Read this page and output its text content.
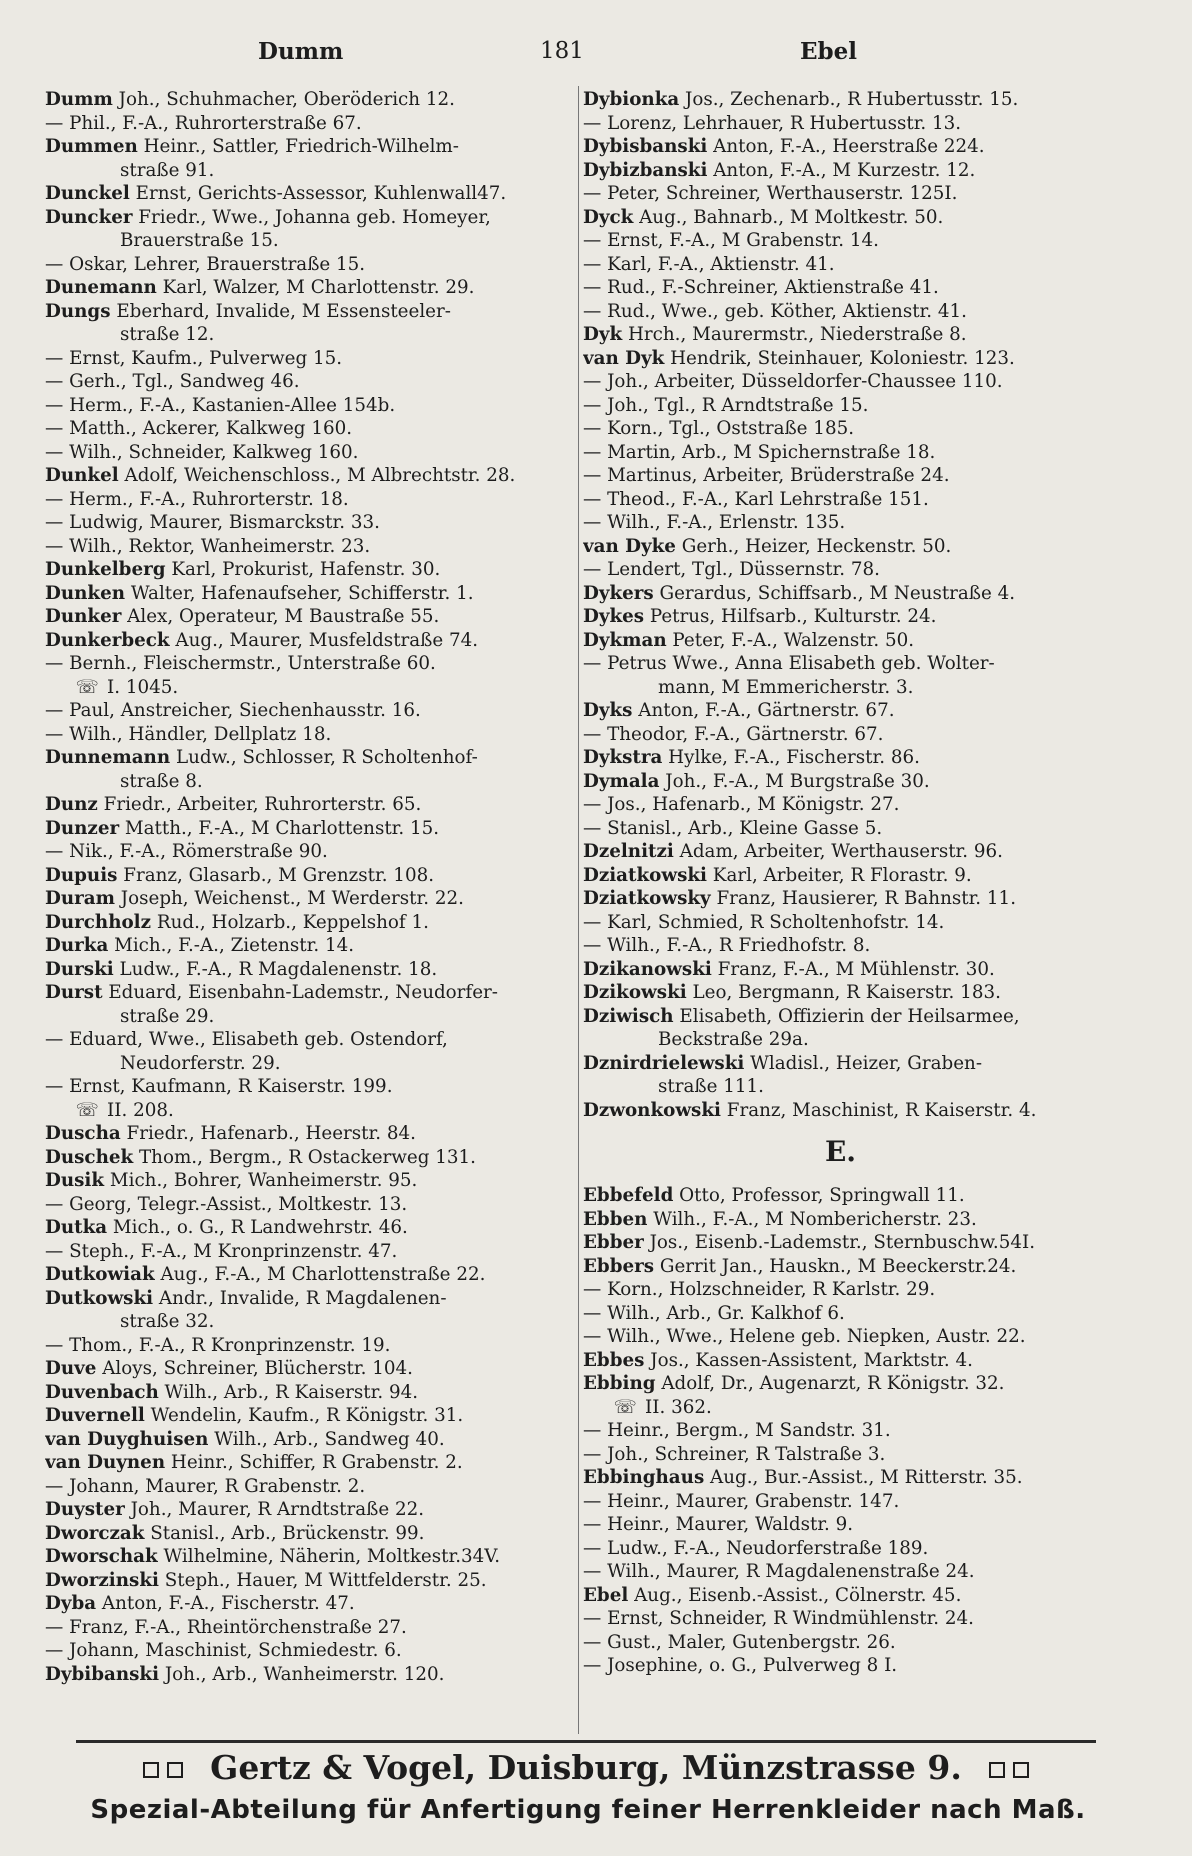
Dumm	181	Ebel
Dumm Joh., Schuhmacher, Oberöderich 12.
— Phil., F.-A., Ruhrorterstraße 67.
Dummen Heinr., Sattler, Friedrich-Wilhelm-
straße 91.
Dunckel Ernst, Gerichts-Assessor, Kuhlenwall47.
Duncker Friedr., Wwe., Johanna geb. Homeyer,
Brauerstraße 15.
— Oskar, Lehrer, Brauerstraße 15.
Dunemann Karl, Walzer, M Charlottenstr. 29.
Dungs Eberhard, Invalide, M Essensteeler-
straße 12.
— Ernst, Kaufm., Pulverweg 15.
— Gerh., Tgl., Sandweg 46.
— Herm., F.-A., Kastanien-Allee 154b.
— Matth., Ackerer, Kalkweg 160.
— Wilh., Schneider, Kalkweg 160.
Dunkel Adolf, Weichenschloss., M Albrechtstr. 28.
— Herm., F.-A., Ruhrorterstr. 18.
— Ludwig, Maurer, Bismarckstr. 33.
— Wilh., Rektor, Wanheimerstr. 23.
Dunkelberg Karl, Prokurist, Hafenstr. 30.
Dunken Walter, Hafenaufseher, Schifferstr. 1.
Dunker Alex, Operateur, M Baustraße 55.
Dunkerbeck Aug., Maurer, Musfeldstraße 74.
— Bernh., Fleischermstr., Unterstraße 60.
☏ I. 1045.
— Paul, Anstreicher, Siechenhausstr. 16.
— Wilh., Händler, Dellplatz 18.
Dunnemann Ludw., Schlosser, R Scholtenhof-
straße 8.
Dunz Friedr., Arbeiter, Ruhrorterstr. 65.
Dunzer Matth., F.-A., M Charlottenstr. 15.
— Nik., F.-A., Römerstraße 90.
Dupuis Franz, Glasarb., M Grenzstr. 108.
Duram Joseph, Weichenst., M Werderstr. 22.
Durchholz Rud., Holzarb., Keppelshof 1.
Durka Mich., F.-A., Zietenstr. 14.
Durski Ludw., F.-A., R Magdalenenstr. 18.
Durst Eduard, Eisenbahn-Lademstr., Neudorfer-
straße 29.
— Eduard, Wwe., Elisabeth geb. Ostendorf,
Neudorferstr. 29.
— Ernst, Kaufmann, R Kaiserstr. 199.
☏ II. 208.
Duscha Friedr., Hafenarb., Heerstr. 84.
Duschek Thom., Bergm., R Ostackerweg 131.
Dusik Mich., Bohrer, Wanheimerstr. 95.
— Georg, Telegr.-Assist., Moltkestr. 13.
Dutka Mich., o. G., R Landwehrstr. 46.
— Steph., F.-A., M Kronprinzenstr. 47.
Dutkowiak Aug., F.-A., M Charlottenstraße 22.
Dutkowski Andr., Invalide, R Magdalenen-
straße 32.
— Thom., F.-A., R Kronprinzenstr. 19.
Duve Aloys, Schreiner, Blücherstr. 104.
Duvenbach Wilh., Arb., R Kaiserstr. 94.
Duvernell Wendelin, Kaufm., R Königstr. 31.
van Duyghuisen Wilh., Arb., Sandweg 40.
van Duynen Heinr., Schiffer, R Grabenstr. 2.
— Johann, Maurer, R Grabenstr. 2.
Duyster Joh., Maurer, R Arndtstraße 22.
Dworczak Stanisl., Arb., Brückenstr. 99.
Dworschak Wilhelmine, Näherin, Moltkestr.34V.
Dworzinski Steph., Hauer, M Wittfelderstr. 25.
Dyba Anton, F.-A., Fischerstr. 47.
— Franz, F.-A., Rheintörchenstraße 27.
— Johann, Maschinist, Schmiedestr. 6.
Dybibanski Joh., Arb., Wanheimerstr. 120.
Dybionka Jos., Zechenarb., R Hubertusstr. 15.
— Lorenz, Lehrhauer, R Hubertusstr. 13.
Dybisbanski Anton, F.-A., Heerstraße 224.
Dybizbanski Anton, F.-A., M Kurzestr. 12.
— Peter, Schreiner, Werthauserstr. 125I.
Dyck Aug., Bahnarb., M Moltkestr. 50.
— Ernst, F.-A., M Grabenstr. 14.
— Karl, F.-A., Aktienstr. 41.
— Rud., F.-Schreiner, Aktienstraße 41.
— Rud., Wwe., geb. Köther, Aktienstr. 41.
Dyk Hrch., Maurermstr., Niederstraße 8.
van Dyk Hendrik, Steinhauer, Koloniestr. 123.
— Joh., Arbeiter, Düsseldorfer-Chaussee 110.
— Joh., Tgl., R Arndtstraße 15.
— Korn., Tgl., Oststraße 185.
— Martin, Arb., M Spichernstraße 18.
— Martinus, Arbeiter, Brüderstraße 24.
— Theod., F.-A., Karl Lehrstraße 151.
— Wilh., F.-A., Erlenstr. 135.
van Dyke Gerh., Heizer, Heckenstr. 50.
— Lendert, Tgl., Düssernstr. 78.
Dykers Gerardus, Schiffsarb., M Neustraße 4.
Dykes Petrus, Hilfsarb., Kulturstr. 24.
Dykman Peter, F.-A., Walzenstr. 50.
— Petrus Wwe., Anna Elisabeth geb. Wolter-
mann, M Emmericherstr. 3.
Dyks Anton, F.-A., Gärtnerstr. 67.
— Theodor, F.-A., Gärtnerstr. 67.
Dykstra Hylke, F.-A., Fischerstr. 86.
Dymala Joh., F.-A., M Burgstraße 30.
— Jos., Hafenarb., M Königstr. 27.
— Stanisl., Arb., Kleine Gasse 5.
Dzelnitzi Adam, Arbeiter, Werthauserstr. 96.
Dziatkowski Karl, Arbeiter, R Florastr. 9.
Dziatkowsky Franz, Hausierer, R Bahnstr. 11.
— Karl, Schmied, R Scholtenhofstr. 14.
— Wilh., F.-A., R Friedhofstr. 8.
Dzikanowski Franz, F.-A., M Mühlenstr. 30.
Dzikowski Leo, Bergmann, R Kaiserstr. 183.
Dziwisch Elisabeth, Offizierin der Heilsarmee,
Beckstraße 29a.
Dznirdrielewski Wladisl., Heizer, Graben-
straße 111.
Dzwonkowski Franz, Maschinist, R Kaiserstr. 4.
E.
Ebbefeld Otto, Professor, Springwall 11.
Ebben Wilh., F.-A., M Nombericherstr. 23.
Ebber Jos., Eisenb.-Lademstr., Sternbuschw.54I.
Ebbers Gerrit Jan., Hauskn., M Beeckerstr.24.
— Korn., Holzschneider, R Karlstr. 29.
— Wilh., Arb., Gr. Kalkhof 6.
— Wilh., Wwe., Helene geb. Niepken, Austr. 22.
Ebbes Jos., Kassen-Assistent, Marktstr. 4.
Ebbing Adolf, Dr., Augenarzt, R Königstr. 32.
☏ II. 362.
— Heinr., Bergm., M Sandstr. 31.
— Joh., Schreiner, R Talstraße 3.
Ebbinghaus Aug., Bur.-Assist., M Ritterstr. 35.
— Heinr., Maurer, Grabenstr. 147.
— Heinr., Maurer, Waldstr. 9.
— Ludw., F.-A., Neudorferstraße 189.
— Wilh., Maurer, R Magdalenenstraße 24.
Ebel Aug., Eisenb.-Assist., Cölnerstr. 45.
— Ernst, Schneider, R Windmühlenstr. 24.
— Gust., Maler, Gutenbergstr. 26.
— Josephine, o. G., Pulverweg 8 I.
Gertz & Vogel, Duisburg, Münzstrasse 9.
Spezial-Abteilung für Anfertigung feiner Herrenkleider nach Maß.
